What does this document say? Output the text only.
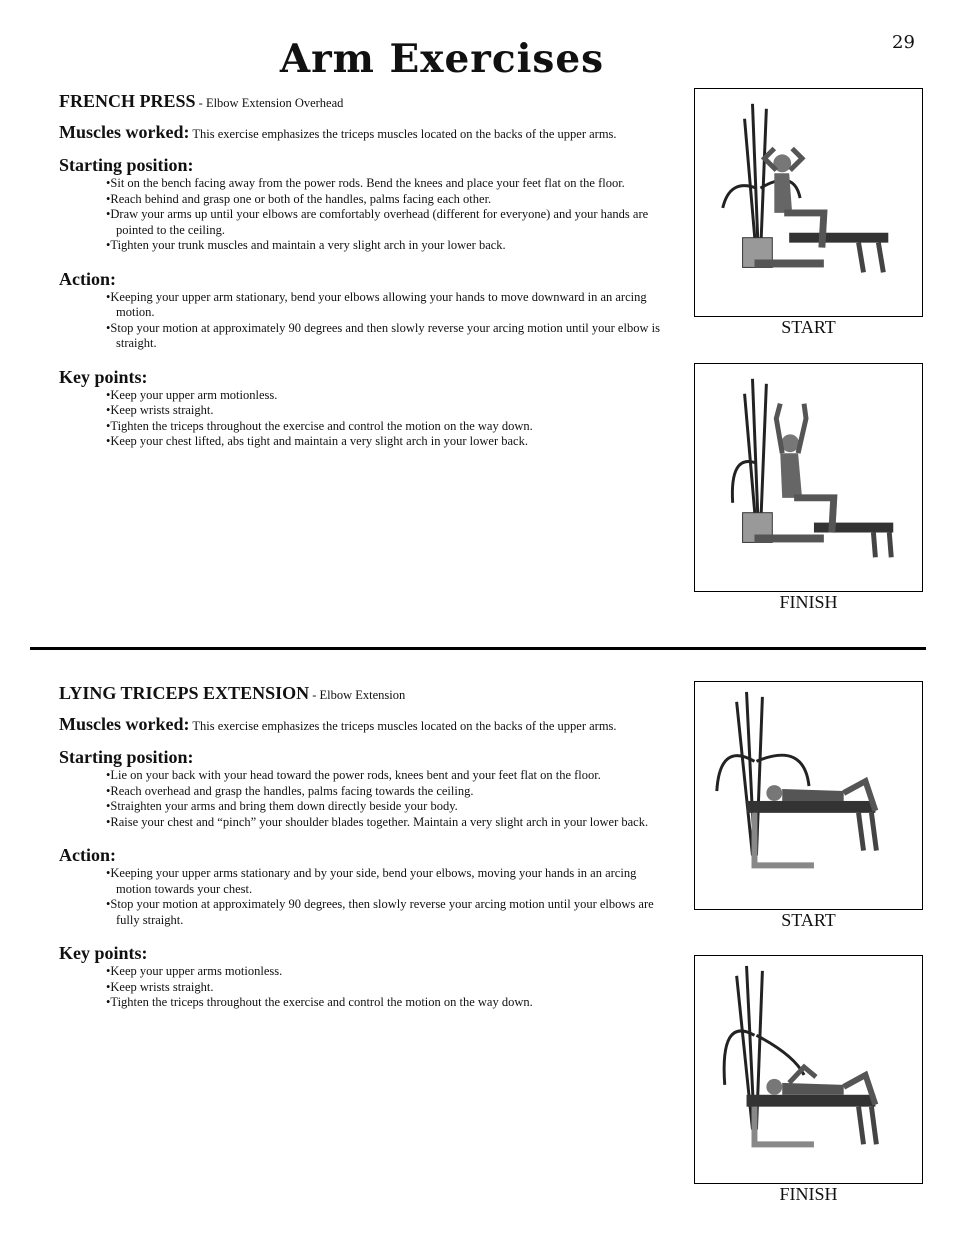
29
Arm Exercises
FRENCH PRESS - Elbow Extension Overhead
Muscles worked: This exercise emphasizes the triceps muscles located on the backs of the upper arms.
Starting position:
• Sit on the bench facing away from the power rods. Bend the knees and place your feet flat on the floor.
• Reach behind and grasp one or both of the handles, palms facing each other.
• Draw your arms up until your elbows are comfortably overhead (different for everyone) and your hands are pointed to the ceiling.
• Tighten your trunk muscles and maintain a very slight arch in your lower back.
Action:
• Keeping your upper arm stationary, bend your elbows allowing your hands to move downward in an arcing motion.
• Stop your motion at approximately 90 degrees and then slowly reverse your arcing motion until your elbow is straight.
Key points:
• Keep your upper arm motionless.
• Keep wrists straight.
• Tighten the triceps throughout the exercise and control the motion on the way down.
• Keep your chest lifted, abs tight and maintain a very slight arch in your lower back.
START
FINISH
LYING TRICEPS EXTENSION - Elbow Extension
Muscles worked: This exercise emphasizes the triceps muscles located on the backs of the upper arms.
Starting position:
• Lie on your back with your head toward the power rods, knees bent and your feet flat on the floor.
• Reach overhead and grasp the handles, palms facing towards the ceiling.
• Straighten your arms and bring them down directly beside your body.
• Raise your chest and “pinch” your shoulder blades together. Maintain a very slight arch in your lower back.
Action:
• Keeping your upper arms stationary and by your side, bend your elbows, moving your hands in an arcing motion towards your chest.
• Stop your motion at approximately 90 degrees, then slowly reverse your arcing motion until your elbows are fully straight.
Key points:
• Keep your upper arms motionless.
• Keep wrists straight.
• Tighten the triceps throughout the exercise and control the motion on the way down.
START
FINISH
